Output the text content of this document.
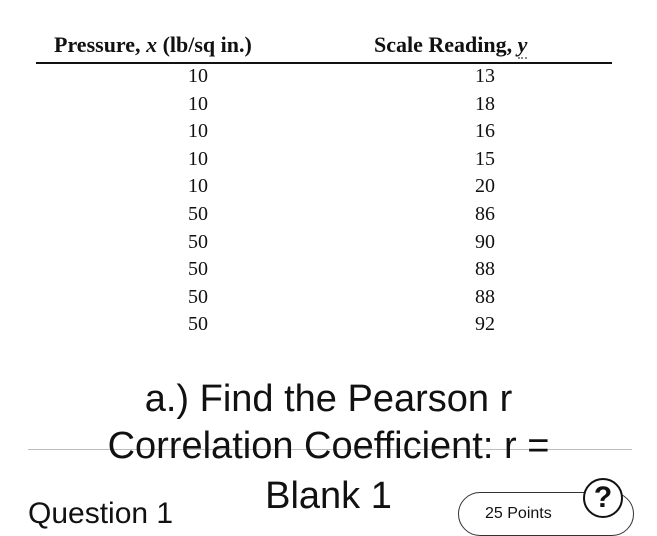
Pressure, x (lb/sq in.)	Scale Reading, y
10	13
10	18
10	16
10	15
10	20
50	86
50	90
50	88
50	88
50	92
a.) Find the Pearson r
Correlation Coefficient: r =
Question 1	25 Points	?
Blank 1
